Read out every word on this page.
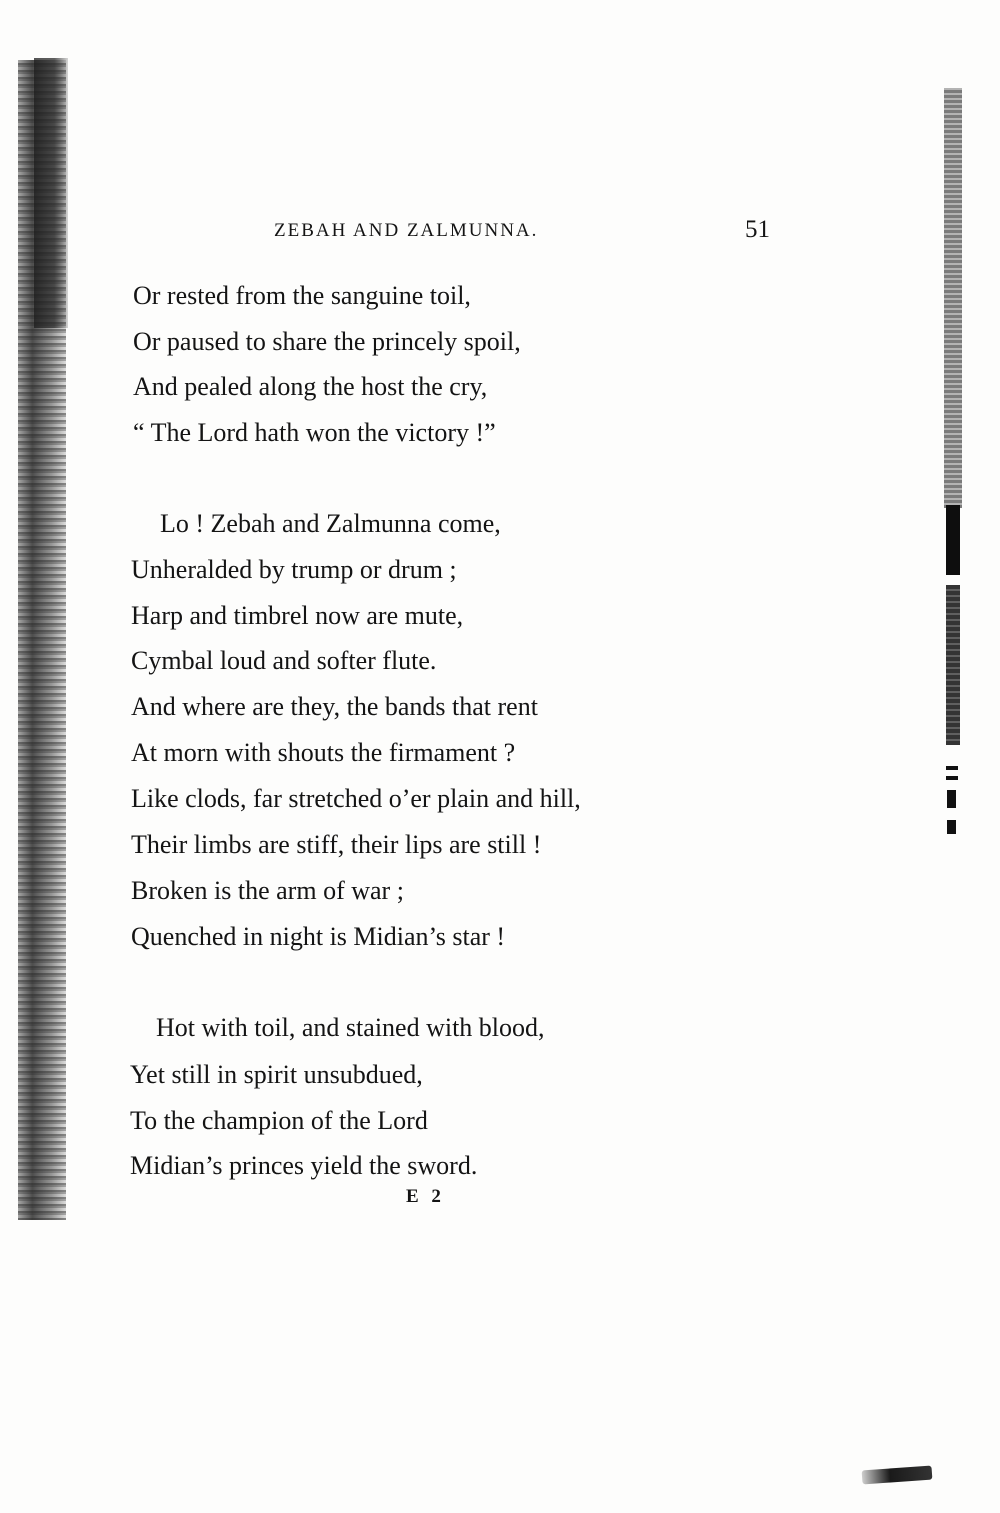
ZEBAH AND ZALMUNNA.	51
Or rested from the sanguine toil,
Or paused to share the princely spoil,
And pealed along the host the cry,
“ The Lord hath won the victory !”
Lo ! Zebah and Zalmunna come,
Unheralded by trump or drum ;
Harp and timbrel now are mute,
Cymbal loud and softer flute.
And where are they, the bands that rent
At morn with shouts the firmament ?
Like clods, far stretched o’er plain and hill,
Their limbs are stiff, their lips are still !
Broken is the arm of war ;
Quenched in night is Midian’s star !
Hot with toil, and stained with blood,
Yet still in spirit unsubdued,
To the champion of the Lord
Midian’s princes yield the sword.
E 2
